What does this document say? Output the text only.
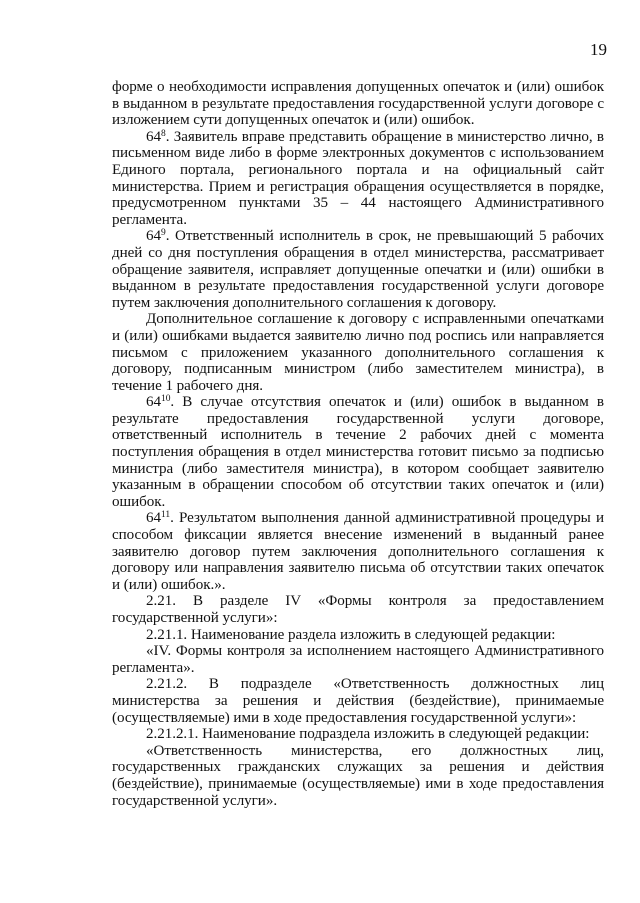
19

форме о необходимости исправления допущенных опечаток и (или) ошибок в выданном в результате предоставления государственной услуги договоре с изложением сути допущенных опечаток и (или) ошибок.

$64^8$. Заявитель вправе представить обращение в министерство лично, в письменном виде либо в форме электронных документов с использованием Единого портала, регионального портала и на официальный сайт министерства. Прием и регистрация обращения осуществляется в порядке, предусмотренном пунктами 35 – 44 настоящего Административного регламента.

$64^9$. Ответственный исполнитель в срок, не превышающий 5 рабочих дней со дня поступления обращения в отдел министерства, рассматривает обращение заявителя, исправляет допущенные опечатки и (или) ошибки в выданном в результате предоставления государственной услуги договоре путем заключения дополнительного соглашения к договору.

Дополнительное соглашение к договору с исправленными опечатками и (или) ошибками выдается заявителю лично под роспись или направляется письмом с приложением указанного дополнительного соглашения к договору, подписанным министром (либо заместителем министра), в течение 1 рабочего дня.

$64^{10}$. В случае отсутствия опечаток и (или) ошибок в выданном в результате предоставления государственной услуги договоре, ответственный исполнитель в течение 2 рабочих дней с момента поступления обращения в отдел министерства готовит письмо за подписью министра (либо заместителя министра), в котором сообщает заявителю указанным в обращении способом об отсутствии таких опечаток и (или) ошибок.

$64^{11}$. Результатом выполнения данной административной процедуры и способом фиксации является внесение изменений в выданный ранее заявителю договор путем заключения дополнительного соглашения к договору или направления заявителю письма об отсутствии таких опечаток и (или) ошибок.».

2.21. В разделе IV «Формы контроля за предоставлением государственной услуги»:

2.21.1. Наименование раздела изложить в следующей редакции:

«IV. Формы контроля за исполнением настоящего Административного регламента».

2.21.2. В подразделе «Ответственность должностных лиц министерства за решения и действия (бездействие), принимаемые (осуществляемые) ими в ходе предоставления государственной услуги»:

2.21.2.1. Наименование подраздела изложить в следующей редакции:

«Ответственность министерства, его должностных лиц, государственных гражданских служащих за решения и действия (бездействие), принимаемые (осуществляемые) ими в ходе предоставления государственной услуги».
